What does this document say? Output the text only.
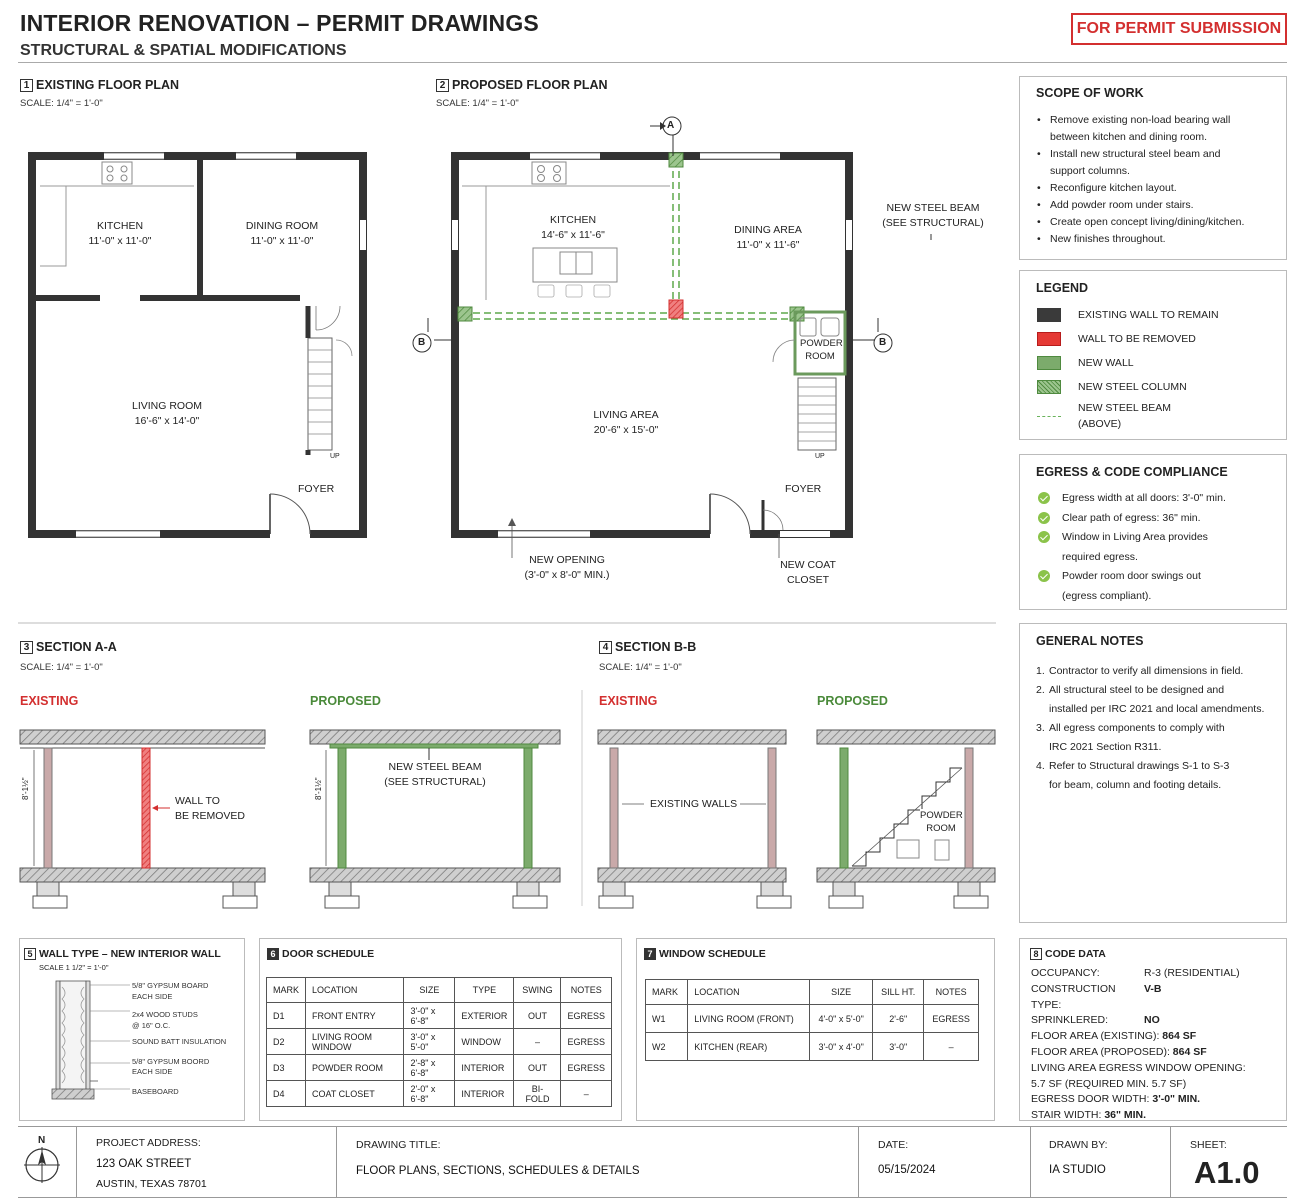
INTERIOR RENOVATION – PERMIT DRAWINGS
STRUCTURAL & SPATIAL MODIFICATIONS
FOR PERMIT SUBMISSION
1 EXISTING FLOOR PLAN
SCALE: 1/4" = 1'-0"
2 PROPOSED FLOOR PLAN
SCALE: 1/4" = 1'-0"
KITCHEN
11'-0" x 11'-0"
DINING ROOM
11'-0" x 11'-0"
LIVING ROOM
16'-6" x 14'-0"
FOYER
UP
KITCHEN
14'-6" x 11'-6"	DINING AREA
11'-0" x 11'-6"
LIVING AREA
20'-6" x 15'-0"
POWDER
ROOM
FOYER
UP
A
B	B
NEW STEEL BEAM
(SEE STRUCTURAL)
NEW OPENING
(3'-0" x 8'-0" MIN.)
NEW COAT
CLOSET
3 SECTION A-A
SCALE: 1/4" = 1'-0"
EXISTING	PROPOSED
WALL TO
BE REMOVED
NEW STEEL BEAM
(SEE STRUCTURAL)
8'-1½"	8'-1½"
4 SECTION B-B
SCALE: 1/4" = 1'-0"
EXISTING	PROPOSED
EXISTING WALLS
POWDER
ROOM
SCOPE OF WORK
• Remove existing non-load bearing wall
between kitchen and dining room.
• Install new structural steel beam and
support columns.
• Reconfigure kitchen layout.
• Add powder room under stairs.
• Create open concept living/dining/kitchen.
• New finishes throughout.
LEGEND
EXISTING WALL TO REMAIN
WALL TO BE REMOVED
NEW WALL
NEW STEEL COLUMN
NEW STEEL BEAM
(ABOVE)
EGRESS & CODE COMPLIANCE
Egress width at all doors: 3'-0" min.
Clear path of egress: 36" min.
Window in Living Area provides
required egress.
Powder room door swings out
(egress compliant).
GENERAL NOTES
1. Contractor to verify all dimensions in field.
2. All structural steel to be designed and
installed per IRC 2021 and local amendments.
3. All egress components to comply with
IRC 2021 Section R311.
4. Refer to Structural drawings S-1 to S-3
for beam, column and footing details.
5 WALL TYPE – NEW INTERIOR WALL
SCALE 1 1/2" = 1'-0"
5/8" GYPSUM BOARD
EACH SIDE
2x4 WOOD STUDS
@ 16" O.C.
SOUND BATT INSULATION
5/8" GYPSUM BOORD
EACH SIDE
BASEBOARD
6 DOOR SCHEDULE
MARK	LOCATION	SIZE	TYPE	SWING	NOTES
D1	FRONT ENTRY	3'-0" x 6'-8"	EXTERIOR	OUT	EGRESS
D2	LIVING ROOM WINDOW	3'-0" x 5'-0"	WINDOW	–	EGRESS
D3	POWDER ROOM	2'-8" x 6'-8"	INTERIOR	OUT	EGRESS
D4	COAT CLOSET	2'-0" x 6'-8"	INTERIOR	BI-FOLD	–
7 WINDOW SCHEDULE
MARK	LOCATION	SIZE	SILL HT.	NOTES
W1	LIVING ROOM (FRONT)	4'-0" x 5'-0"	2'-6"	EGRESS
W2	KITCHEN (REAR)	3'-0" x 4'-0"	3'-0"	–
8 CODE DATA
OCCUPANCY:	R-3 (RESIDENTIAL)
CONSTRUCTION TYPE:
V-B
SPRINKLERED:	NO
FLOOR AREA (EXISTING): 864 SF
FLOOR AREA (PROPOSED): 864 SF
LIVING AREA EGRESS WINDOW OPENING:
5.7 SF (REQUIRED MIN. 5.7 SF)
EGRESS DOOR WIDTH: 3'-0" MIN.
STAIR WIDTH: 36" MIN.
N	PROJECT ADDRESS:
123 OAK STREET
AUSTIN, TEXAS 78701
DRAWING TITLE:
FLOOR PLANS, SECTIONS, SCHEDULES & DETAILS
DATE:
05/15/2024
DRAWN BY:
IA STUDIO
SHEET:
A1.0
